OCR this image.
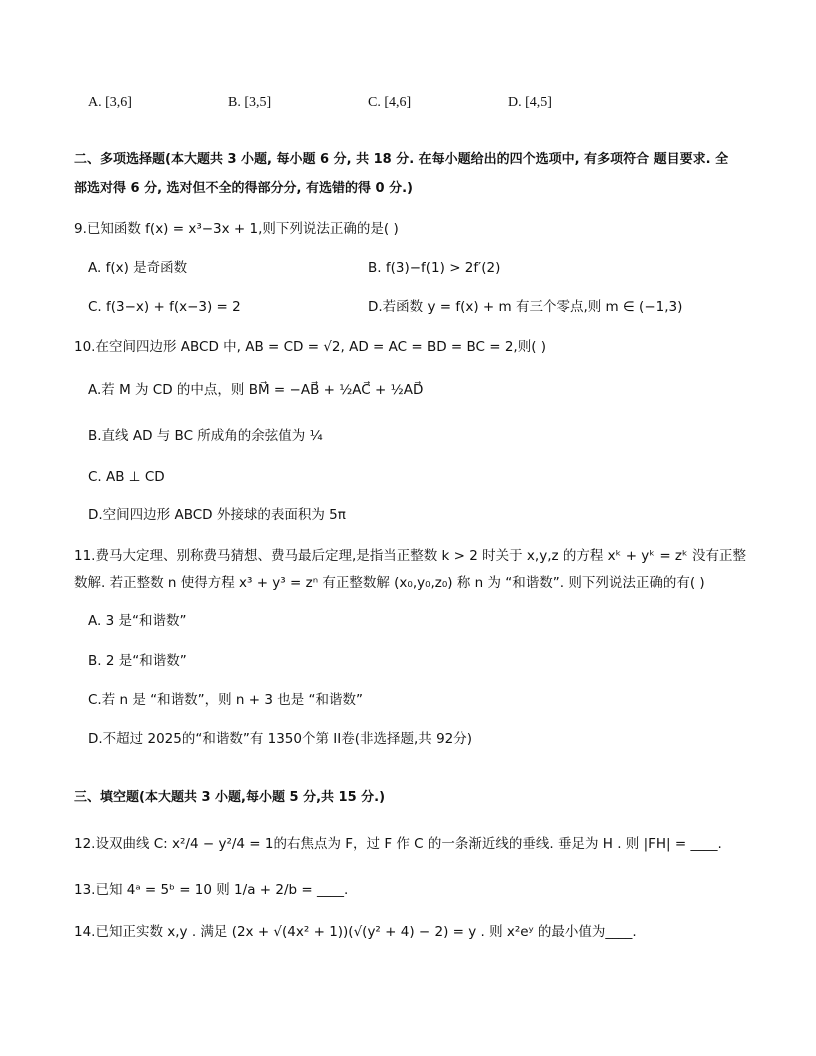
A. [3,6]	B. [3,5]	C. [4,6]	D. [4,5]
二、多项选择题(本大题共 3 小题, 每小题 6 分, 共 18 分. 在每小题给出的四个选项中, 有多项符合 题目要求. 全
部选对得 6 分, 选对但不全的得部分分, 有选错的得 0 分.)
9.已知函数 f(x) = x³−3x + 1,则下列说法正确的是( )
A. f(x) 是奇函数	B. f(3)−f(1) > 2f′(2)
C. f(3−x) + f(x−3) = 2	D.若函数 y = f(x) + m 有三个零点,则 m ∈ (−1,3)
10.在空间四边形 ABCD 中, AB = CD = √2, AD = AC = BD = BC = 2,则( )
A.若 M 为 CD 的中点，则 BM⃗ = −AB⃗ + ½AC⃗ + ½AD⃗
B.直线 AD 与 BC 所成角的余弦值为 ¼
C. AB ⊥ CD
D.空间四边形 ABCD 外接球的表面积为 5π
11.费马大定理、别称费马猜想、费马最后定理,是指当正整数 k > 2 时关于 x,y,z 的方程 xᵏ + yᵏ = zᵏ 没有正整
数解. 若正整数 n 使得方程 x³ + y³ = zⁿ 有正整数解 (x₀,y₀,z₀) 称 n 为 “和谐数”. 则下列说法正确的有( )
A. 3 是“和谐数”
B. 2 是“和谐数”
C.若 n 是 “和谐数”，则 n + 3 也是 “和谐数”
D.不超过 2025的“和谐数”有 1350个第 II卷(非选择题,共 92分)
三、填空题(本大题共 3 小题,每小题 5 分,共 15 分.)
12.设双曲线 C: x²/4 − y²/4 = 1的右焦点为 F，过 F 作 C 的一条渐近线的垂线. 垂足为 H . 则 |FH| = ____.
13.已知 4ᵃ = 5ᵇ = 10 则 1/a + 2/b = ____.
14.已知正实数 x,y . 满足 (2x + √(4x² + 1))(√(y² + 4) − 2) = y . 则 x²eʸ 的最小值为____.
